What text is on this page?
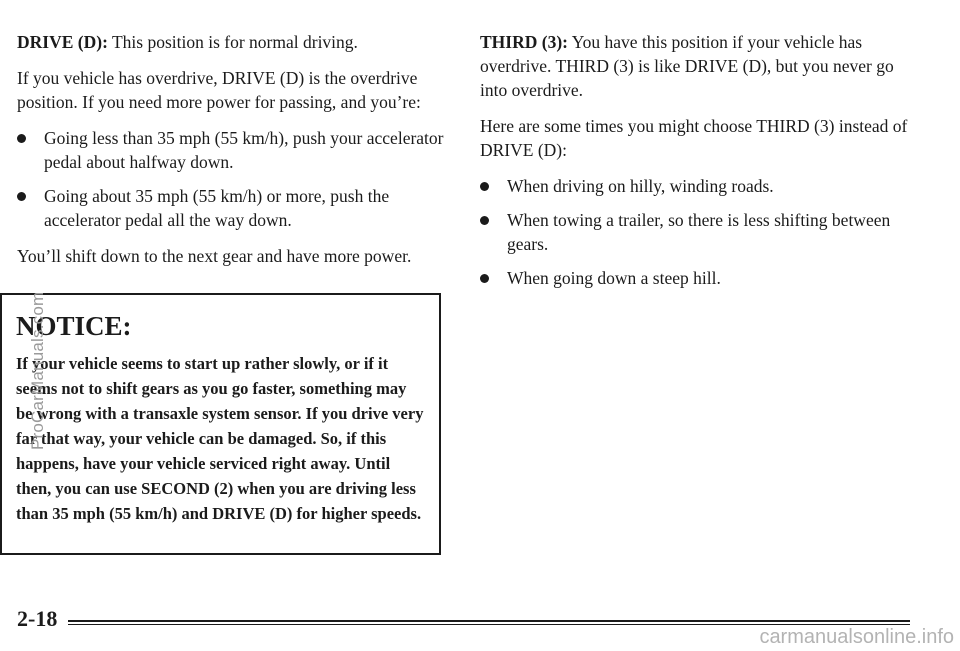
DRIVE (D): This position is for normal driving.

If you vehicle has overdrive, DRIVE (D) is the overdrive position. If you need more power for passing, and you’re:

Going less than 35 mph (55 km/h), push your accelerator pedal about halfway down.
Going about 35 mph (55 km/h) or more, push the accelerator pedal all the way down.

You’ll shift down to the next gear and have more power.

NOTICE:

If your vehicle seems to start up rather slowly, or if it seems not to shift gears as you go faster, something may be wrong with a transaxle system sensor. If you drive very far that way, your vehicle can be damaged. So, if this happens, have your vehicle serviced right away. Until then, you can use SECOND (2) when you are driving less than 35 mph (55 km/h) and DRIVE (D) for higher speeds.

THIRD (3): You have this position if your vehicle has overdrive. THIRD (3) is like DRIVE (D), but you never go into overdrive.

Here are some times you might choose THIRD (3) instead of DRIVE (D):

When driving on hilly, winding roads.
When towing a trailer, so there is less shifting between gears.
When going down a steep hill.
2-18
ProCarManuals.com
carmanualsonline.info
